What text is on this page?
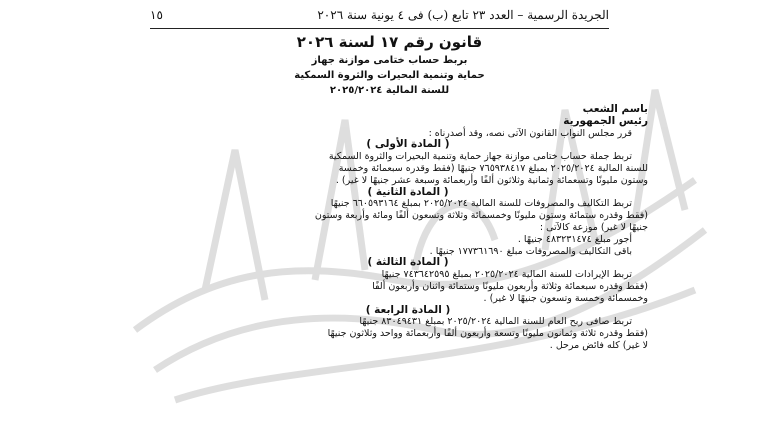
الجريدة الرسمية – العدد ٢٣ تابع (ب) فى ٤ يونية سنة ٢٠٢٦
١٥
قانون رقم ١٧ لسنة ٢٠٢٦
بربط حساب ختامى موازنة جهاز
حماية وتنمية البحيرات والثروة السمكية
للسنة المالية ٢٠٢٥/٢٠٢٤
باسم الشعب
رئيس الجمهورية
قرر مجلس النواب القانون الآتى نصه، وقد أصدرناه :
( المادة الأولى )
تربط جملة حساب ختامى موازنة جهاز حماية وتنمية البحيرات والثروة السمكية
للسنة المالية ٢٠٢٥/٢٠٢٤ بمبلغ ٧٦٥٩٣٨٤١٧ جنيهًا (فقط وقدره سبعمائة وخمسة
وستون مليونًا وتسعمائة وثمانية وثلاثون ألفًا وأربعمائة وسبعة عشر جنيهًا لا غير) .
( المادة الثانية )
تربط التكاليف والمصروفات للسنة المالية ٢٠٢٥/٢٠٢٤ بمبلغ ٦٦٠٥٩٣١٦٤ جنيهًا
(فقط وقدره ستمائة وستون مليونًا وخمسمائة وثلاثة وتسعون ألفًا ومائة وأربعة وستون
جنيهًا لا غير) موزعة كالآتى :
أجور مبلغ ٤٨٣٢٣١٤٧٤ جنيهًا .
باقى التكاليف والمصروفات مبلغ ١٧٧٣٦١٦٩٠ جنيهًا .
( المادة الثالثة )
تربط الإيرادات للسنة المالية ٢٠٢٥/٢٠٢٤ بمبلغ ٧٤٣٦٤٢٥٩٥ جنيهًا
(فقط وقدره سبعمائة وثلاثة وأربعون مليونًا وستمائة واثنان وأربعون ألفًا
وخمسمائة وخمسة وتسعون جنيهًا لا غير) .
( المادة الرابعة )
تربط صافى ربح العام للسنة المالية ٢٠٢٥/٢٠٢٤ بمبلغ ٨٣٠٤٩٤٣١ جنيهًا
(فقط وقدره ثلاثة وثمانون مليونًا وتسعة وأربعون ألفًا وأربعمائة وواحد وثلاثون جنيهًا
لا غير) كله فائض مرحل .
